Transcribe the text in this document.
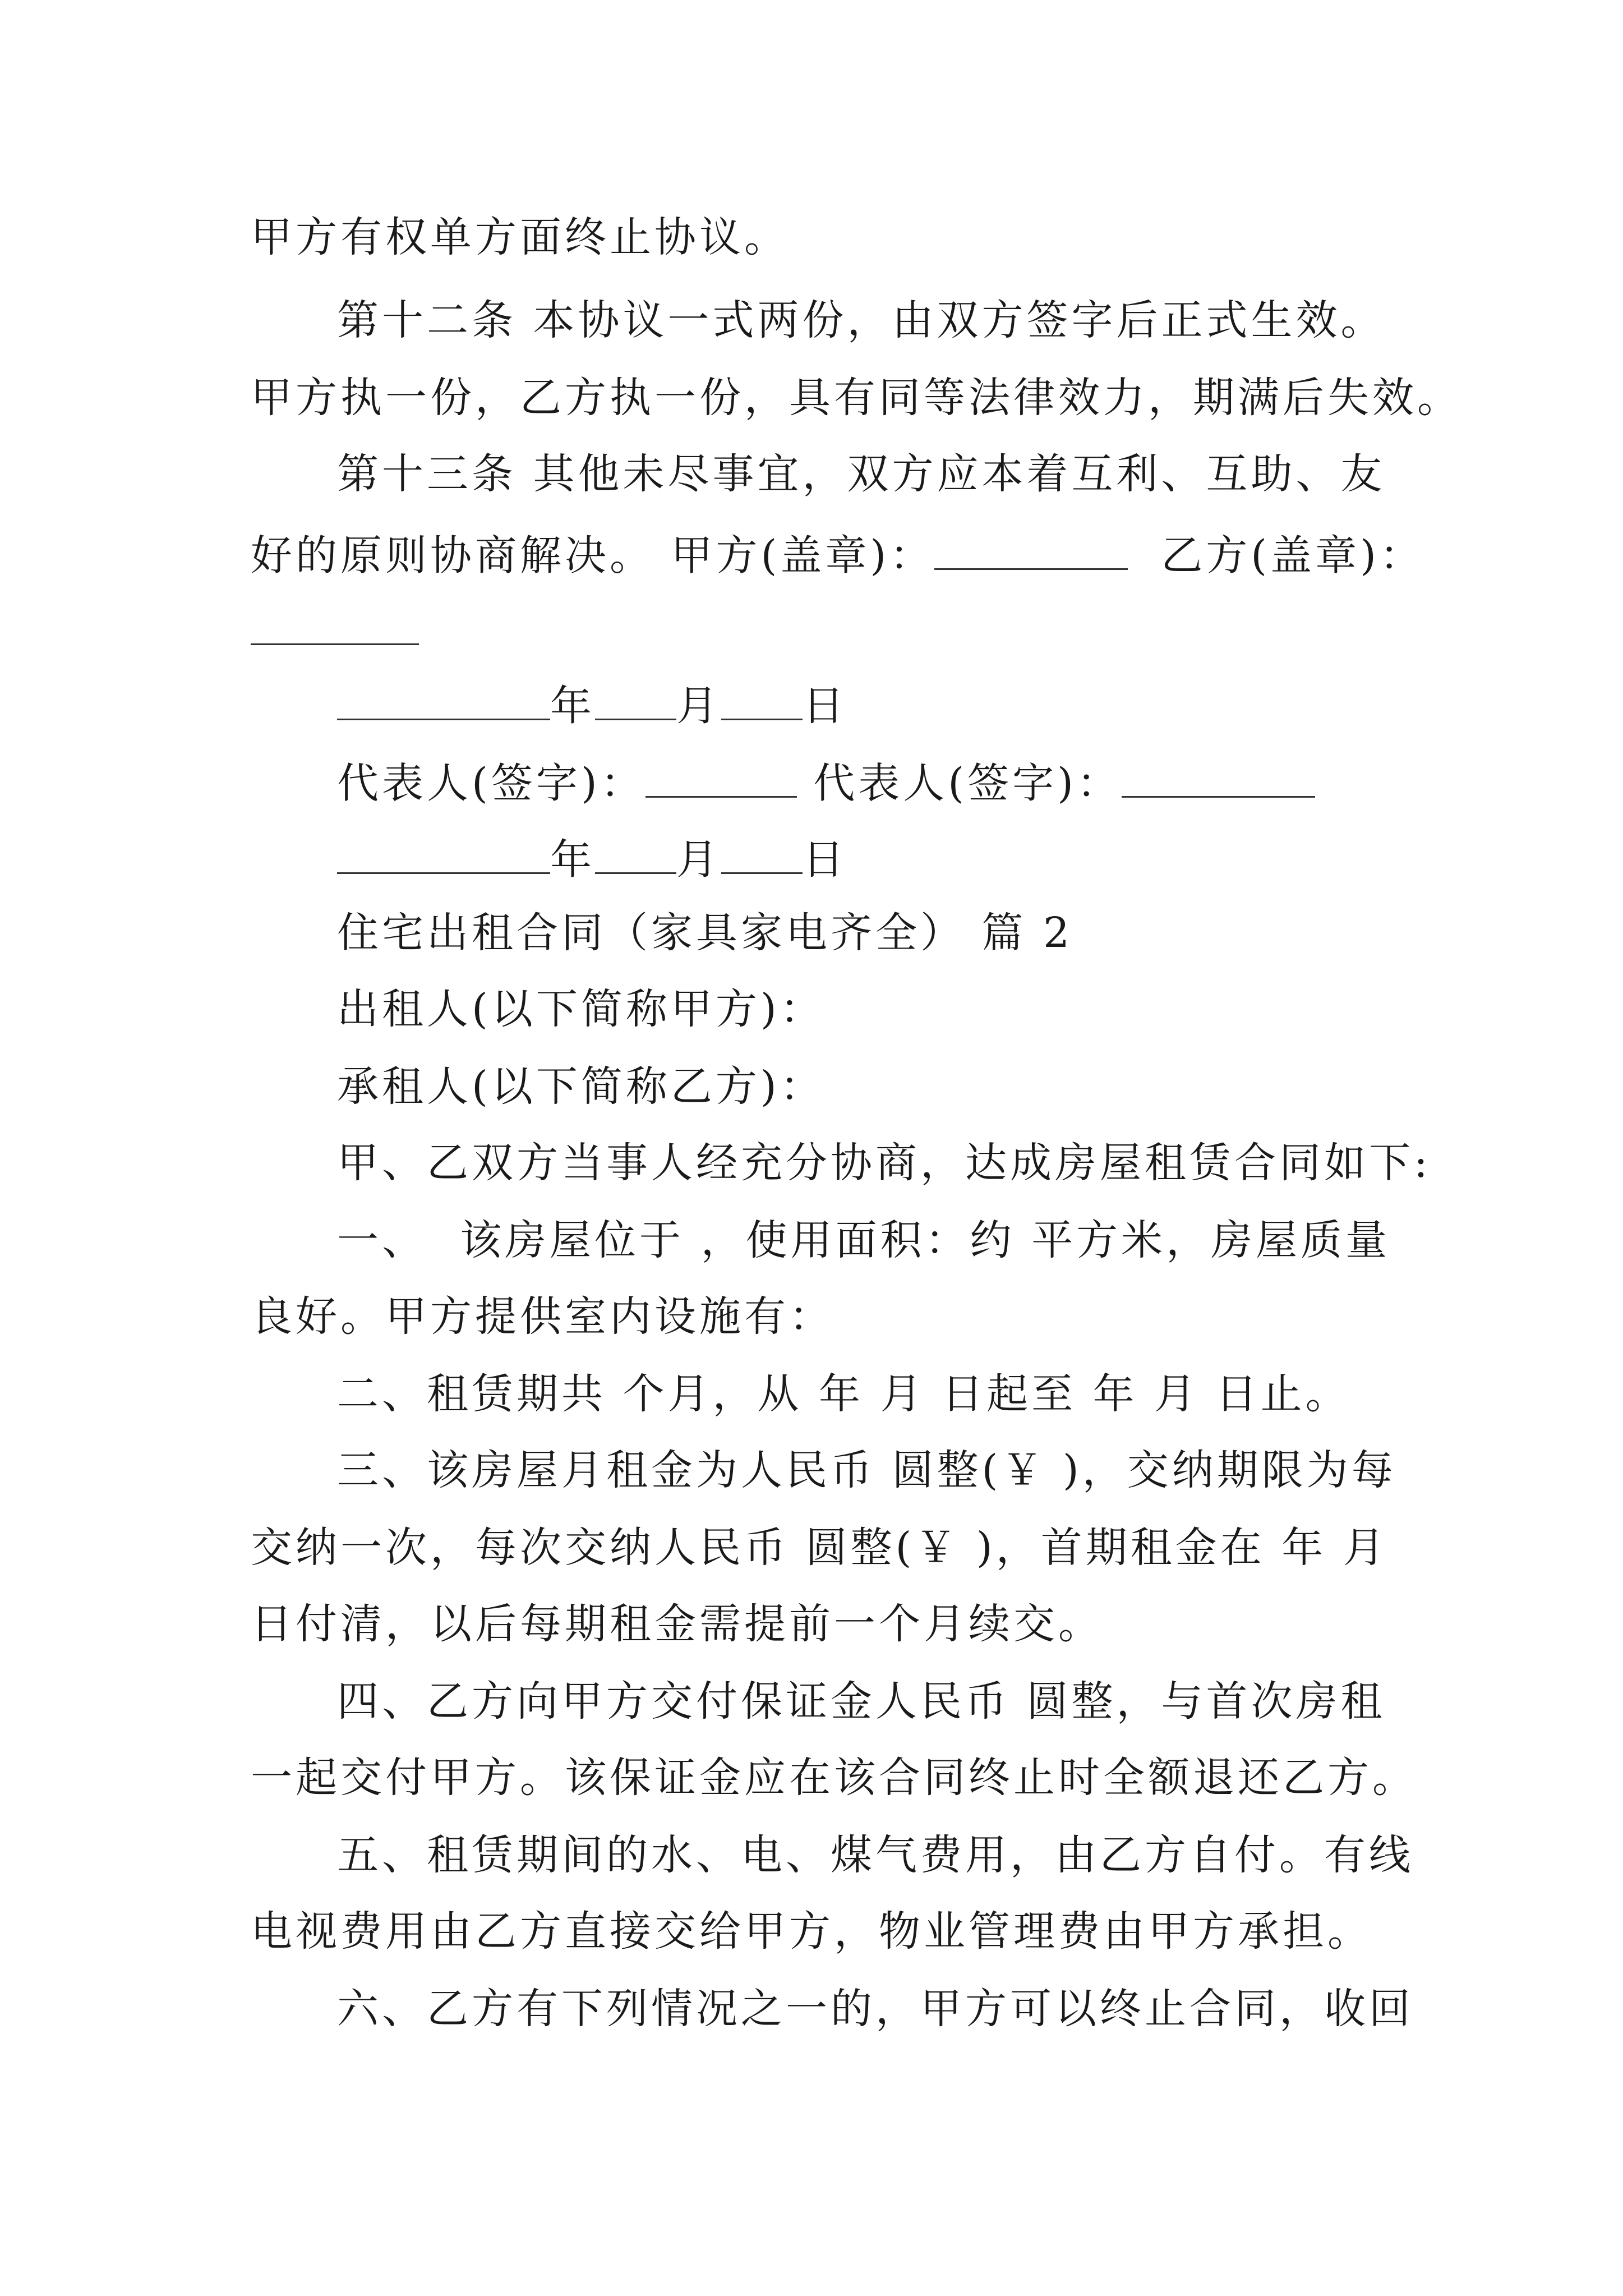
甲方有权单方面终止协议。
第十二条 本协议一式两份，由双方签字后正式生效。
甲方执一份，乙方执一份，具有同等法律效力，期满后失效。
第十三条 其他未尽事宜，双方应本着互利、互助、友
好的原则协商解决。 甲方(盖章)：	乙方(盖章)：
年 月 日
代表人(签字)：	代表人(签字)：
年 月 日
住宅出租合同（家具家电齐全） 篇 2
出租人(以下简称甲方)：
承租人(以下简称乙方)：
甲、乙双方当事人经充分协商，达成房屋租赁合同如下:
一、  该房屋位于 ，使用面积：约 平方米，房屋质量
良好。甲方提供室内设施有：
二、租赁期共 个月，从 年 月 日起至 年 月 日止。
三、该房屋月租金为人民币 圆整(￥ )，交纳期限为每
交纳一次，每次交纳人民币 圆整(￥ )，首期租金在 年 月
日付清，以后每期租金需提前一个月续交。
四、乙方向甲方交付保证金人民币 圆整，与首次房租
一起交付甲方。该保证金应在该合同终止时全额退还乙方。
五、租赁期间的水、电、煤气费用，由乙方自付。有线
电视费用由乙方直接交给甲方，物业管理费由甲方承担。
六、乙方有下列情况之一的，甲方可以终止合同，收回
